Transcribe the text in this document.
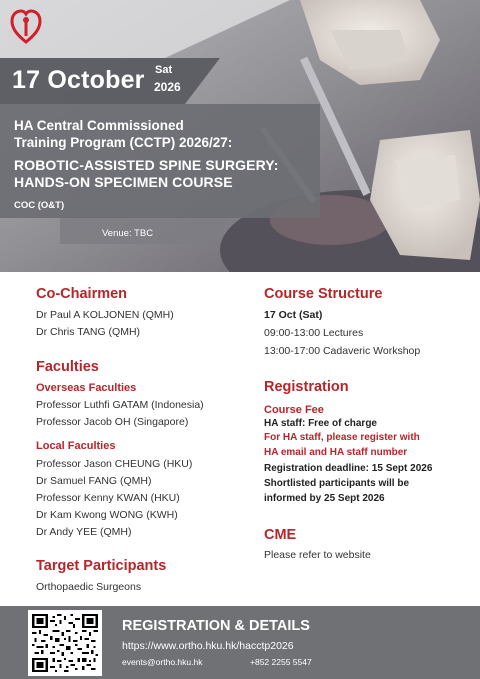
17 October Sat
2026
HA Central Commissioned
Training Program (CCTP) 2026/27:
ROBOTIC-ASSISTED SPINE SURGERY:
HANDS-ON SPECIMEN COURSE
COC (O&T)
Venue: TBC
Co-Chairmen
Dr Paul A KOLJONEN (QMH)
Dr Chris TANG (QMH)
Faculties
Overseas Faculties
Professor Luthfi GATAM (Indonesia)
Professor Jacob OH (Singapore)
Local Faculties
Professor Jason CHEUNG (HKU)
Dr Samuel FANG (QMH)
Professor Kenny KWAN (HKU)
Dr Kam Kwong WONG (KWH)
Dr Andy YEE (QMH)
Target Participants
Orthopaedic Surgeons
Course Structure
17 Oct (Sat)
09:00-13:00 Lectures
13:00-17:00 Cadaveric Workshop
Registration
Course Fee
HA staff: Free of charge
For HA staff, please register with
HA email and HA staff number
Registration deadline: 15 Sept 2026
Shortlisted participants will be
informed by 25 Sept 2026
CME
Please refer to website
REGISTRATION & DETAILS
https://www.ortho.hku.hk/hacctp2026
events@ortho.hku.hk	+852 2255 5547
